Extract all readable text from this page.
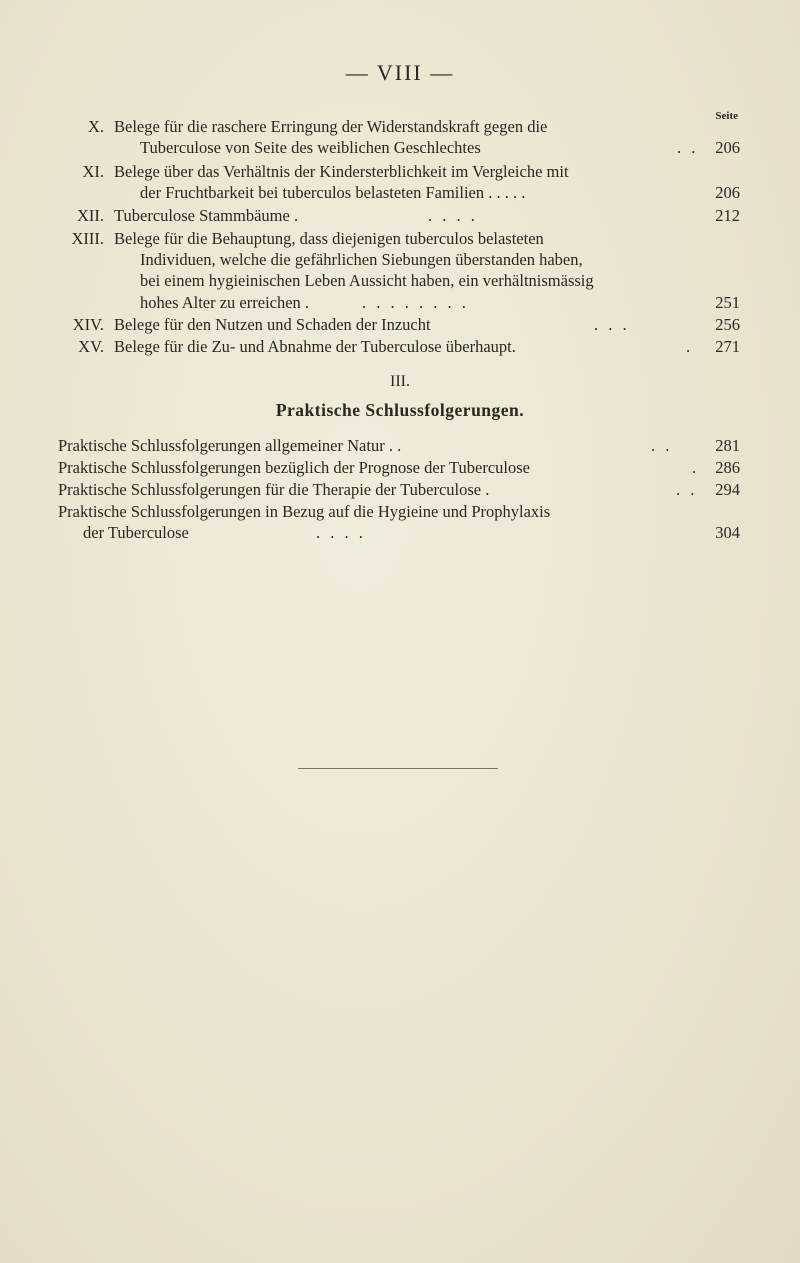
— VIII —
Seite
X. Belege für die raschere Erringung der Widerstandskraft gegen die
Tuberculose von Seite des weiblichen Geschlechtes	. .	206
XI. Belege über das Verhältnis der Kindersterblichkeit im Vergleiche mit
der Fruchtbarkeit bei tuberculos belasteten Familien . . . . .	206
XII. Tuberculose Stammbäume .	. . . .	212
XIII. Belege für die Behauptung, dass diejenigen tuberculos belasteten
Individuen, welche die gefährlichen Siebungen überstanden haben,
bei einem hygieinischen Leben Aussicht haben, ein verhältnismässig
hohes Alter zu erreichen .	. . . . . . . .	251
XIV. Belege für den Nutzen und Schaden der Inzucht	. . .	256
XV. Belege für die Zu- und Abnahme der Tuberculose überhaupt.	.	271
III.
Praktische Schlussfolgerungen.
Praktische Schlussfolgerungen allgemeiner Natur . .	. .	281
Praktische Schlussfolgerungen bezüglich der Prognose der Tuberculose	. 286
Praktische Schlussfolgerungen für die Therapie der Tuberculose .	. .	294
Praktische Schlussfolgerungen in Bezug auf die Hygieine und Prophylaxis
der Tuberculose	. . . .	304
